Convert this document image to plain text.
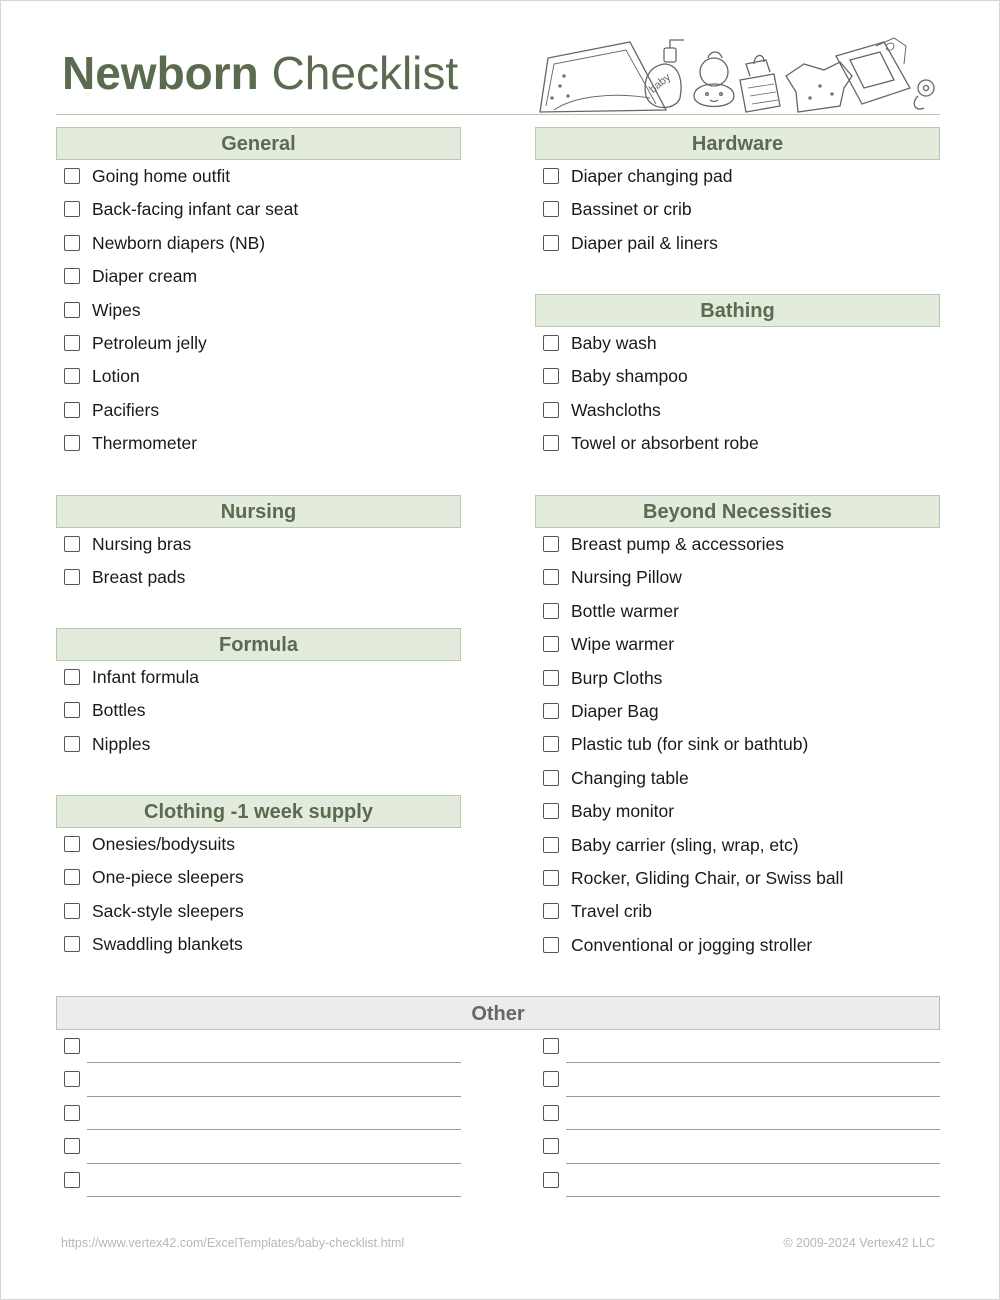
Newborn Checklist	baby
General
Going home outfit
Back-facing infant car seat
Newborn diapers (NB)
Diaper cream
Wipes
Petroleum jelly
Lotion
Pacifiers
Thermometer
Nursing
Nursing bras
Breast pads
Formula
Infant formula
Bottles
Nipples
Clothing -1 week supply
Onesies/bodysuits
One-piece sleepers
Sack-style sleepers
Swaddling blankets
Hardware
Diaper changing pad
Bassinet or crib
Diaper pail & liners
Bathing
Baby wash
Baby shampoo
Washcloths
Towel or absorbent robe
Beyond Necessities
Breast pump & accessories
Nursing Pillow
Bottle warmer
Wipe warmer
Burp Cloths
Diaper Bag
Plastic tub (for sink or bathtub)
Changing table
Baby monitor
Baby carrier (sling, wrap, etc)
Rocker, Gliding Chair, or Swiss ball
Travel crib
Conventional or jogging stroller
Other
https://www.vertex42.com/ExcelTemplates/baby-checklist.html	© 2009-2024 Vertex42 LLC
